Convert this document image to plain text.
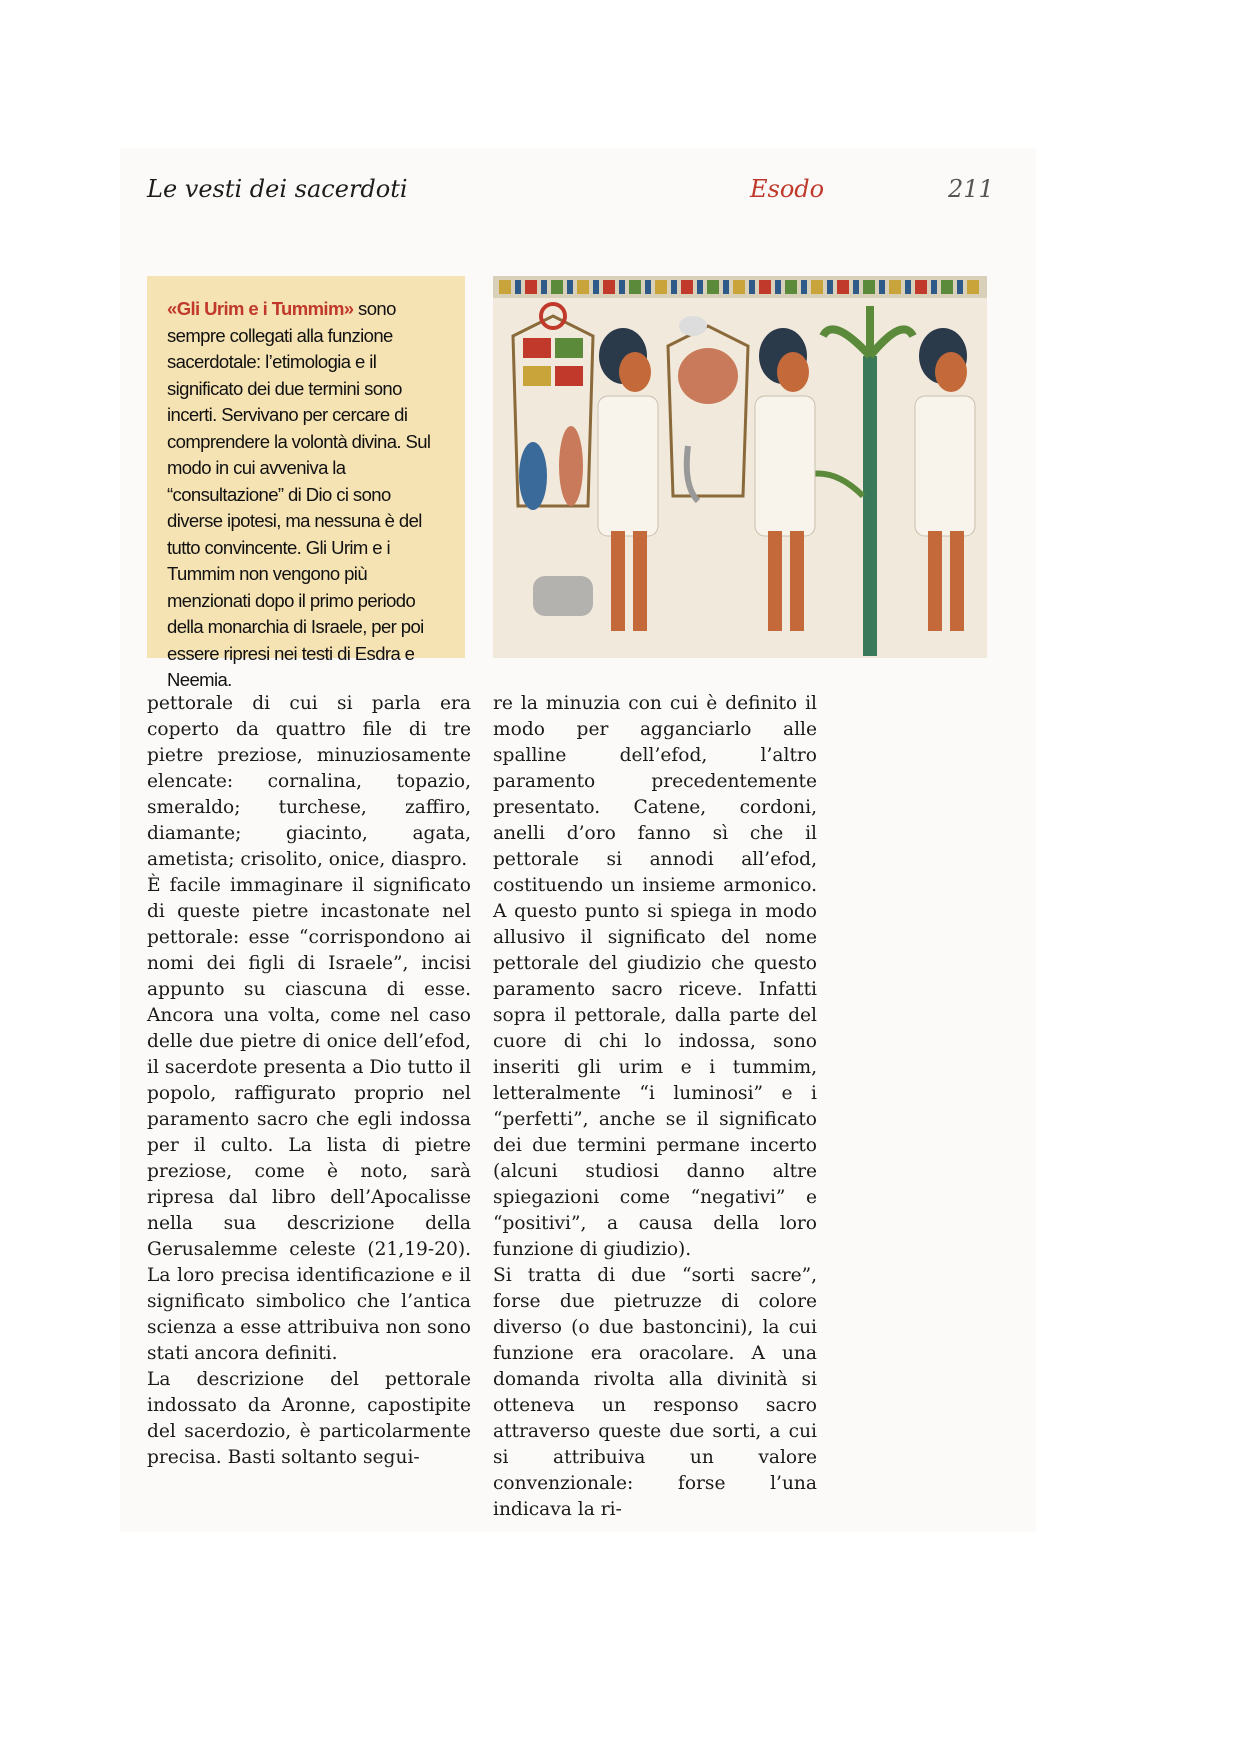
Le vesti dei sacerdoti	Esodo	211

«Gli Urim e i Tummim» sono sempre collegati alla funzione sacerdotale: l’etimologia e il significato dei due termini sono incerti. Servivano per cercare di comprendere la volontà divina. Sul modo in cui avveniva la “consultazione” di Dio ci sono diverse ipotesi, ma nessuna è del tutto convincente. Gli Urim e i Tummim non vengono più menzionati dopo il primo periodo della monarchia di Israele, per poi essere ripresi nei testi di Esdra e Neemia.

pettorale di cui si parla era coperto da quattro file di tre pietre preziose, minuziosamente elencate: cornalina, topazio, smeraldo; turchese, zaffiro, diamante; giacinto, agata, ametista; crisolito, onice, diaspro.

È facile immaginare il significato di queste pietre incastonate nel pettorale: esse “corrispondono ai nomi dei figli di Israele”, incisi appunto su ciascuna di esse. Ancora una volta, come nel caso delle due pietre di onice dell’efod, il sacerdote presenta a Dio tutto il popolo, raffigurato proprio nel paramento sacro che egli indossa per il culto. La lista di pietre preziose, come è noto, sarà ripresa dal libro dell’Apocalisse nella sua descrizione della Gerusalemme celeste (21,19-20). La loro precisa identificazione e il significato simbolico che l’antica scienza a esse attribuiva non sono stati ancora definiti.

La descrizione del pettorale indossato da Aronne, capostipite del sacerdozio, è particolarmente precisa. Basti soltanto segui-

re la minuzia con cui è definito il modo per agganciarlo alle spalline dell’efod, l’altro paramento precedentemente presentato. Catene, cordoni, anelli d’oro fanno sì che il pettorale si annodi all’efod, costituendo un insieme armonico. A questo punto si spiega in modo allusivo il significato del nome pettorale del giudizio che questo paramento sacro riceve. Infatti sopra il pettorale, dalla parte del cuore di chi lo indossa, sono inseriti gli urim e i tummim, letteralmente “i luminosi” e i “perfetti”, anche se il significato dei due termini permane incerto (alcuni studiosi danno altre spiegazioni come “negativi” e “positivi”, a causa della loro funzione di giudizio).

Si tratta di due “sorti sacre”, forse due pietruzze di colore diverso (o due bastoncini), la cui funzione era oracolare. A una domanda rivolta alla divinità si otteneva un responso sacro attraverso queste due sorti, a cui si attribuiva un valore convenzionale: forse l’una indicava la ri-
